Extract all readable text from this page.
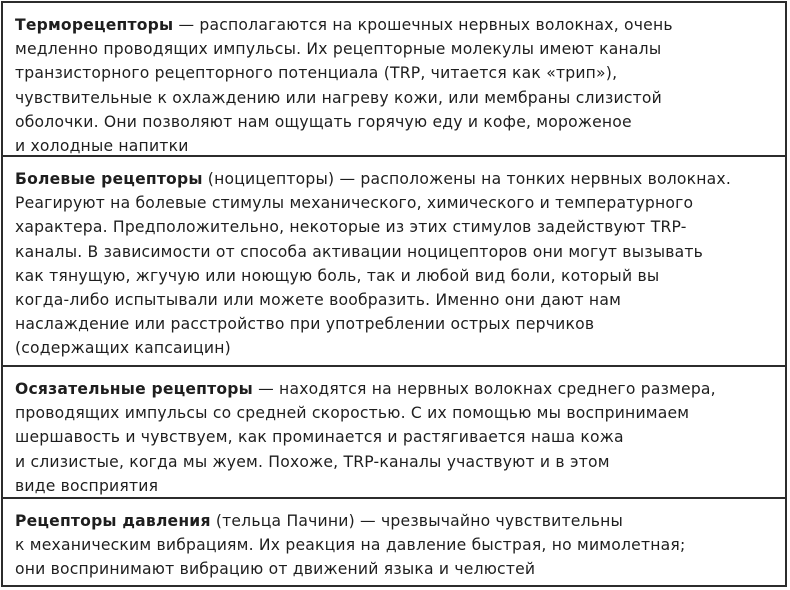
Терморецепторы — располагаются на крошечных нервных волокнах, очень
медленно проводящих импульсы. Их рецепторные молекулы имеют каналы
транзисторного рецепторного потенциала (TRP, читается как «трип»),
чувствительные к охлаждению или нагреву кожи, или мембраны слизистой
оболочки. Они позволяют нам ощущать горячую еду и кофе, мороженое
и холодные напитки
Болевые рецепторы (ноцицепторы) — расположены на тонких нервных волокнах.
Реагируют на болевые стимулы механического, химического и температурного
характера. Предположительно, некоторые из этих стимулов задействуют TRP-
каналы. В зависимости от способа активации ноцицепторов они могут вызывать
как тянущую, жгучую или ноющую боль, так и любой вид боли, который вы
когда-либо испытывали или можете вообразить. Именно они дают нам
наслаждение или расстройство при употреблении острых перчиков
(содержащих капсаицин)
Осязательные рецепторы — находятся на нервных волокнах среднего размера,
проводящих импульсы со средней скоростью. С их помощью мы воспринимаем
шершавость и чувствуем, как проминается и растягивается наша кожа
и слизистые, когда мы жуем. Похоже, TRP-каналы участвуют и в этом
виде восприятия
Рецепторы давления (тельца Пачини) — чрезвычайно чувствительны
к механическим вибрациям. Их реакция на давление быстрая, но мимолетная;
они воспринимают вибрацию от движений языка и челюстей
